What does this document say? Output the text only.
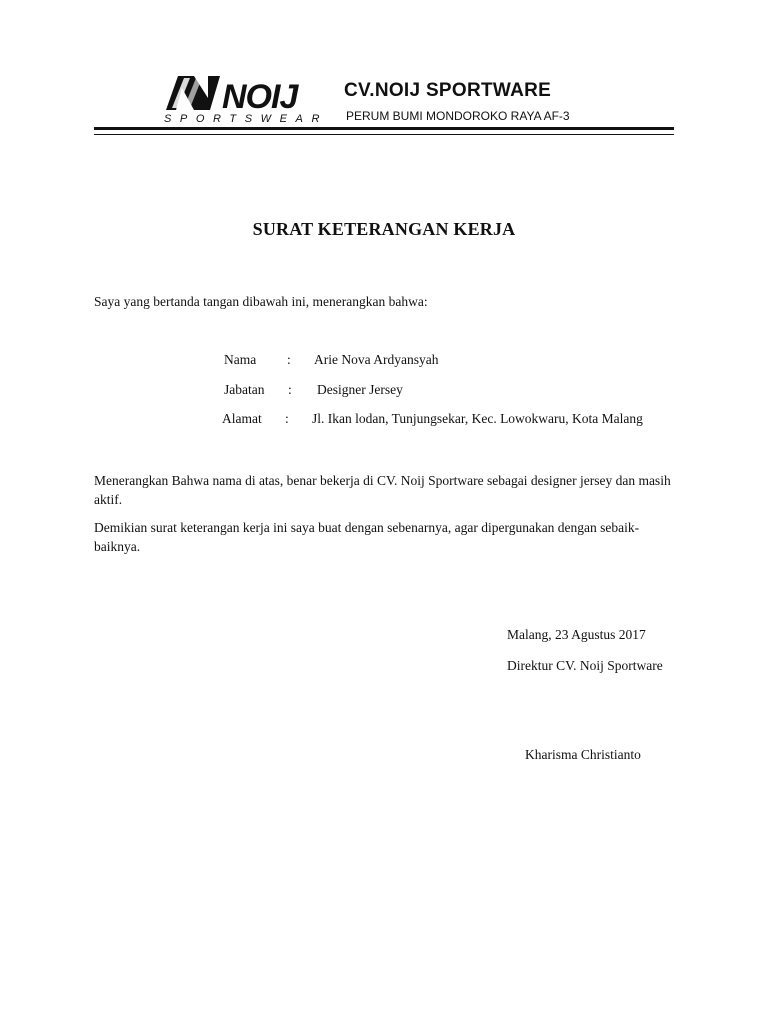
NOIJ
SPORTSWEAR
CV.NOIJ SPORTWARE
PERUM BUMI MONDOROKO RAYA AF-3
SURAT KETERANGAN KERJA
Saya yang bertanda tangan dibawah ini, menerangkan bahwa:
Nama : Arie Nova Ardyansyah
Jabatan : Designer Jersey
Alamat : Jl. Ikan lodan, Tunjungsekar, Kec. Lowokwaru, Kota Malang
Menerangkan Bahwa nama di atas, benar bekerja di CV. Noij Sportware sebagai designer jersey dan masih aktif.
Demikian surat keterangan kerja ini saya buat dengan sebenarnya, agar dipergunakan dengan sebaik-baiknya.
Malang, 23 Agustus 2017
Direktur CV. Noij Sportware
Kharisma Christianto
